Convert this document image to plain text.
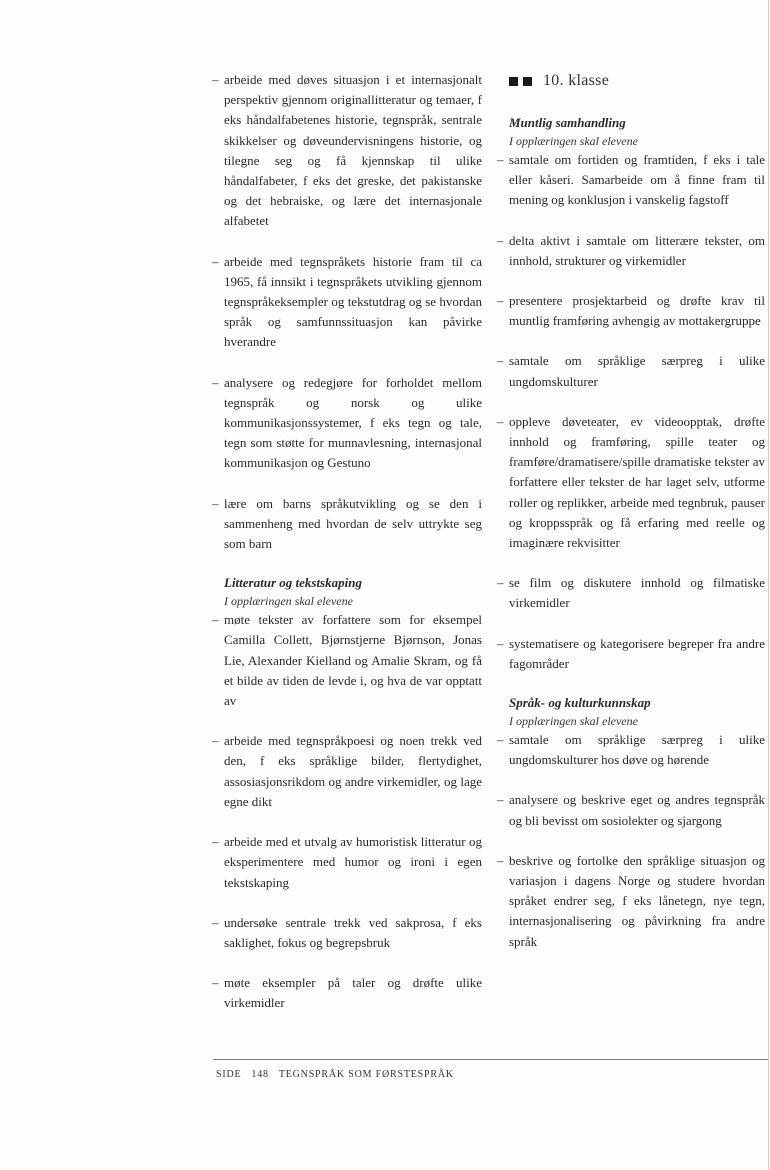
– arbeide med døves situasjon i et internasjonalt perspektiv gjennom originallitteratur og temaer, f eks håndalfabetenes historie, tegnspråk, sentrale skikkelser og døveundervisningens historie, og tilegne seg og få kjennskap til ulike håndalfabeter, f eks det greske, det pakistanske og det hebraiske, og lære det internasjonale alfabetet
– arbeide med tegnspråkets historie fram til ca 1965, få innsikt i tegnspråkets utvikling gjennom tegnspråkeksempler og tekstutdrag og se hvordan språk og samfunnssituasjon kan påvirke hverandre
– analysere og redegjøre for forholdet mellom tegnspråk og norsk og ulike kommunikasjonssystemer, f eks tegn og tale, tegn som støtte for munnavlesning, internasjonal kommunikasjon og Gestuno
– lære om barns språkutvikling og se den i sammenheng med hvordan de selv uttrykte seg som barn
Litteratur og tekstskaping
I opplæringen skal elevene
– møte tekster av forfattere som for eksempel Camilla Collett, Bjørnstjerne Bjørnson, Jonas Lie, Alexander Kielland og Amalie Skram, og få et bilde av tiden de levde i, og hva de var opptatt av
– arbeide med tegnspråkpoesi og noen trekk ved den, f eks språklige bilder, flertydighet, assosiasjonsrikdom og andre virkemidler, og lage egne dikt
– arbeide med et utvalg av humoristisk litteratur og eksperimentere med humor og ironi i egen tekstskaping
– undersøke sentrale trekk ved sakprosa, f eks saklighet, fokus og begrepsbruk
– møte eksempler på taler og drøfte ulike virkemidler
10. klasse
Muntlig samhandling
I opplæringen skal elevene
– samtale om fortiden og framtiden, f eks i tale eller kåseri. Samarbeide om å finne fram til mening og konklusjon i vanskelig fagstoff
– delta aktivt i samtale om litterære tekster, om innhold, strukturer og virkemidler
– presentere prosjektarbeid og drøfte krav til muntlig framføring avhengig av mottakergruppe
– samtale om språklige særpreg i ulike ungdomskulturer
– oppleve døveteater, ev videoopptak, drøfte innhold og framføring, spille teater og framføre/dramatisere/spille dramatiske tekster av forfattere eller tekster de har laget selv, utforme roller og replikker, arbeide med tegnbruk, pauser og kroppsspråk og få erfaring med reelle og imaginære rekvisitter
– se film og diskutere innhold og filmatiske virkemidler
– systematisere og kategorisere begreper fra andre fagområder
Språk- og kulturkunnskap
I opplæringen skal elevene
– samtale om språklige særpreg i ulike ungdomskulturer hos døve og hørende
– analysere og beskrive eget og andres tegnspråk og bli bevisst om sosiolekter og sjargong
– beskrive og fortolke den språklige situasjon og variasjon i dagens Norge og studere hvordan språket endrer seg, f eks lånetegn, nye tegn, internasjonalisering og påvirkning fra andre språk
SIDE 148 TEGNSPRÅK SOM FØRSTESPRÅK
